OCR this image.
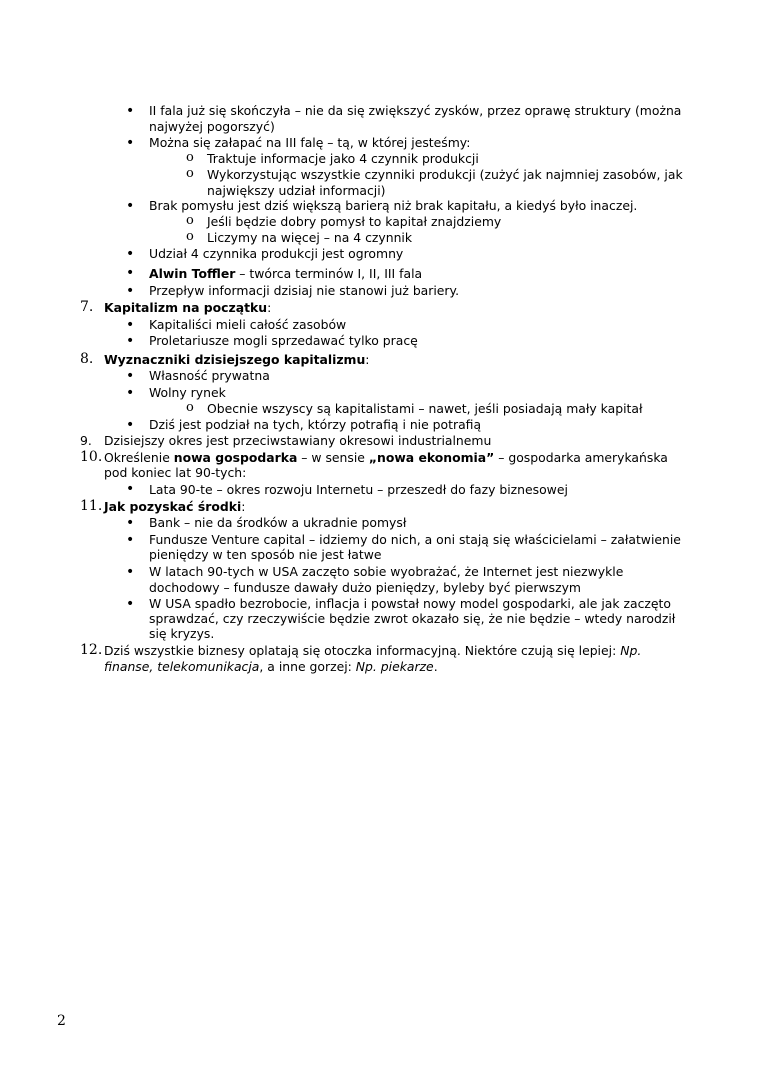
• II fala już się skończyła – nie da się zwiększyć zysków, przez oprawę struktury (można
najwyżej pogorszyć)
• Można się załapać na III falę – tą, w której jesteśmy:
o Traktuje informacje jako 4 czynnik produkcji
o Wykorzystując wszystkie czynniki produkcji (zużyć jak najmniej zasobów, jak
największy udział informacji)
• Brak pomysłu jest dziś większą barierą niż brak kapitału, a kiedyś było inaczej.
o Jeśli będzie dobry pomysł to kapitał znajdziemy
o Liczymy na więcej – na 4 czynnik
• Udział 4 czynnika produkcji jest ogromny
• Alwin Toffler – twórca terminów I, II, III fala
• Przepływ informacji dzisiaj nie stanowi już bariery.
7. Kapitalizm na początku:
• Kapitaliści mieli całość zasobów
• Proletariusze mogli sprzedawać tylko pracę
8. Wyznaczniki dzisiejszego kapitalizmu:
• Własność prywatna
• Wolny rynek
o Obecnie wszyscy są kapitalistami – nawet, jeśli posiadają mały kapitał
• Dziś jest podział na tych, którzy potrafią i nie potrafią
9. Dzisiejszy okres jest przeciwstawiany okresowi industrialnemu
10. Określenie nowa gospodarka – w sensie „nowa ekonomia” – gospodarka amerykańska
pod koniec lat 90-tych:
• Lata 90-te – okres rozwoju Internetu – przeszedł do fazy biznesowej
11. Jak pozyskać środki:
• Bank – nie da środków a ukradnie pomysł
• Fundusze Venture capital – idziemy do nich, a oni stają się właścicielami – załatwienie
pieniędzy w ten sposób nie jest łatwe
• W latach 90-tych w USA zaczęto sobie wyobrażać, że Internet jest niezwykle
dochodowy – fundusze dawały dużo pieniędzy, byleby być pierwszym
• W USA spadło bezrobocie, inflacja i powstał nowy model gospodarki, ale jak zaczęto
sprawdzać, czy rzeczywiście będzie zwrot okazało się, że nie będzie – wtedy narodził
się kryzys.
12. Dziś wszystkie biznesy oplatają się otoczka informacyjną. Niektóre czują się lepiej: Np.
finanse, telekomunikacja, a inne gorzej: Np. piekarze.
2
